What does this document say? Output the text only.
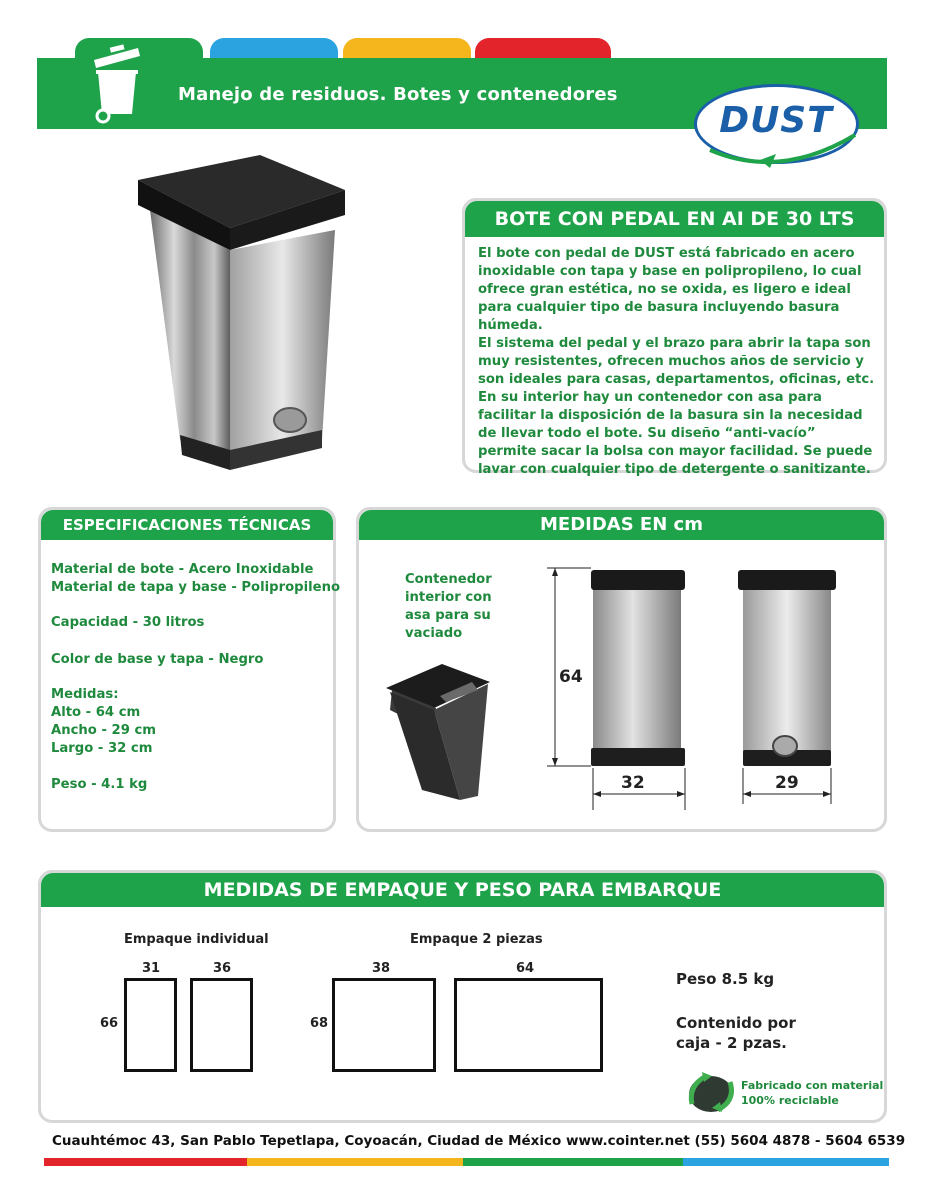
Manejo de residuos. Botes y contenedores
DUST
BOTE CON PEDAL EN AI DE 30 LTS

El bote con pedal de DUST está fabricado en acero inoxidable con tapa y base en polipropileno, lo cual ofrece gran estética, no se oxida, es ligero e ideal para cualquier tipo de basura incluyendo basura húmeda.

El sistema del pedal y el brazo para abrir la tapa son muy resistentes, ofrecen muchos años de servicio y son ideales para casas, departamentos, oficinas, etc.

En su interior hay un contenedor con asa para facilitar la disposición de la basura sin la necesidad de llevar todo el bote. Su diseño “anti-vacío” permite sacar la bolsa con mayor facilidad. Se puede lavar con cualquier tipo de detergente o sanitizante.

ESPECIFICACIONES TÉCNICAS
Material de bote - Acero Inoxidable
Material de tapa y base - Polipropileno
Capacidad - 30 litros
Color de base y tapa - Negro
Medidas:
Alto - 64 cm
Ancho - 29 cm
Largo - 32 cm
Peso - 4.1 kg
MEDIDAS EN cm
Contenedor
interior con
asa para su
vaciado
64
32	29
MEDIDAS DE EMPAQUE Y PESO PARA EMBARQUE
Empaque individual	Empaque 2 piezas
31	36
66
38	64
68
Peso 8.5 kg
Contenido por
caja - 2 pzas.
Fabricado con material
100% reciclable
Cuauhtémoc 43, San Pablo Tepetlapa, Coyoacán, Ciudad de México www.cointer.net (55) 5604 4878 - 5604 6539
